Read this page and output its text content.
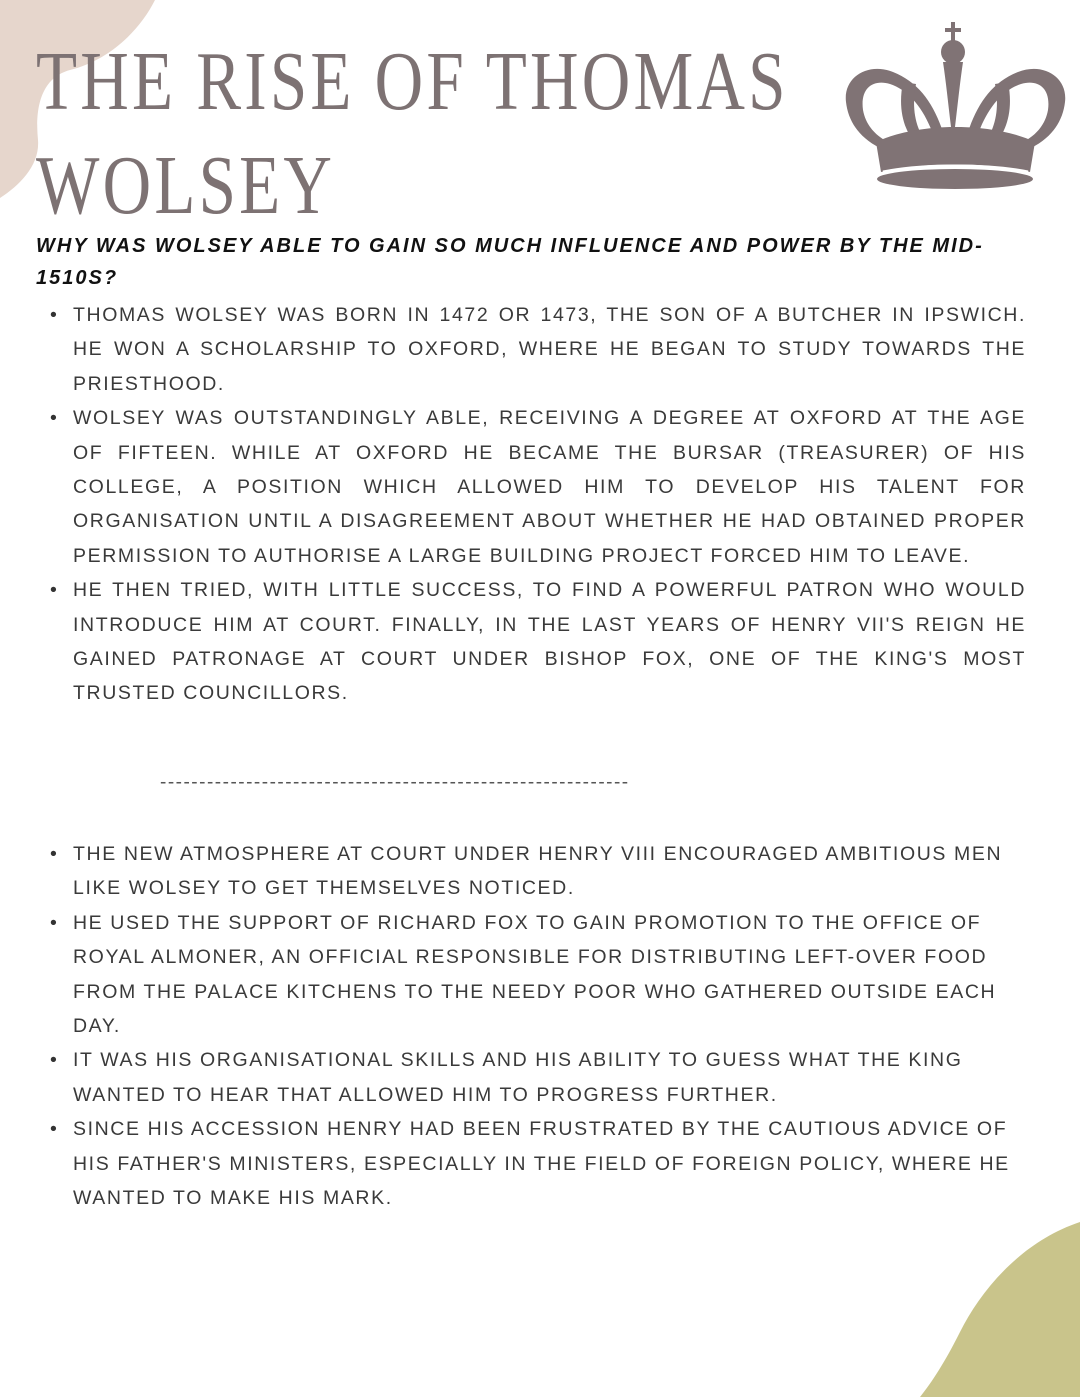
THE RISE OF THOMAS
WOLSEY
WHY WAS WOLSEY ABLE TO GAIN SO MUCH INFLUENCE AND POWER BY THE MID-1510S?
• THOMAS WOLSEY WAS BORN IN 1472 OR 1473, THE SON OF A BUTCHER IN IPSWICH. HE WON A SCHOLARSHIP TO OXFORD, WHERE HE BEGAN TO STUDY TOWARDS THE PRIESTHOOD.
• WOLSEY WAS OUTSTANDINGLY ABLE, RECEIVING A DEGREE AT OXFORD AT THE AGE OF FIFTEEN. WHILE AT OXFORD HE BECAME THE BURSAR (TREASURER) OF HIS COLLEGE, A POSITION WHICH ALLOWED HIM TO DEVELOP HIS TALENT FOR ORGANISATION UNTIL A DISAGREEMENT ABOUT WHETHER HE HAD OBTAINED PROPER PERMISSION TO AUTHORISE A LARGE BUILDING PROJECT FORCED HIM TO LEAVE.
• HE THEN TRIED, WITH LITTLE SUCCESS, TO FIND A POWERFUL PATRON WHO WOULD INTRODUCE HIM AT COURT. FINALLY, IN THE LAST YEARS OF HENRY VII'S REIGN HE GAINED PATRONAGE AT COURT UNDER BISHOP FOX, ONE OF THE KING'S MOST TRUSTED COUNCILLORS.
------------------------------------------------------------
• THE NEW ATMOSPHERE AT COURT UNDER HENRY VIII ENCOURAGED AMBITIOUS MEN LIKE WOLSEY TO GET THEMSELVES NOTICED.
• HE USED THE SUPPORT OF RICHARD FOX TO GAIN PROMOTION TO THE OFFICE OF ROYAL ALMONER, AN OFFICIAL RESPONSIBLE FOR DISTRIBUTING LEFT-OVER FOOD FROM THE PALACE KITCHENS TO THE NEEDY POOR WHO GATHERED OUTSIDE EACH DAY.
• IT WAS HIS ORGANISATIONAL SKILLS AND HIS ABILITY TO GUESS WHAT THE KING WANTED TO HEAR THAT ALLOWED HIM TO PROGRESS FURTHER.
• SINCE HIS ACCESSION HENRY HAD BEEN FRUSTRATED BY THE CAUTIOUS ADVICE OF HIS FATHER'S MINISTERS, ESPECIALLY IN THE FIELD OF FOREIGN POLICY, WHERE HE WANTED TO MAKE HIS MARK.
